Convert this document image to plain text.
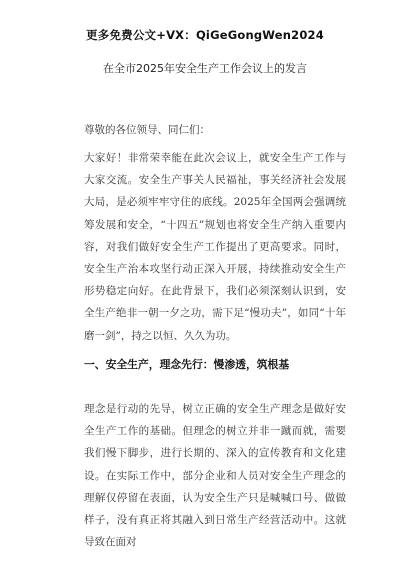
更多免费公文+VX：QiGeGongWen2024
在全市2025年安全生产工作会议上的发言
尊敬的各位领导、同仁们：

大家好！非常荣幸能在此次会议上，就安全生产工作与大家交流。安全生产事关人民福祉，事关经济社会发展大局，是必须牢牢守住的底线。2025年全国两会强调统筹发展和安全，“十四五”规划也将安全生产纳入重要内容，对我们做好安全生产工作提出了更高要求。同时，安全生产治本攻坚行动正深入开展，持续推动安全生产形势稳定向好。在此背景下，我们必须深刻认识到，安全生产绝非一朝一夕之功，需下足“慢功夫”，如同“十年磨一剑”，持之以恒、久久为功。

一、安全生产，理念先行：慢渗透，筑根基

理念是行动的先导，树立正确的安全生产理念是做好安全生产工作的基础。但理念的树立并非一蹴而就，需要我们慢下脚步，进行长期的、深入的宣传教育和文化建设。在实际工作中，部分企业和人员对安全生产理念的理解仅停留在表面，认为安全生产只是喊喊口号、做做样子，没有真正将其融入到日常生产经营活动中。这就导致在面对
